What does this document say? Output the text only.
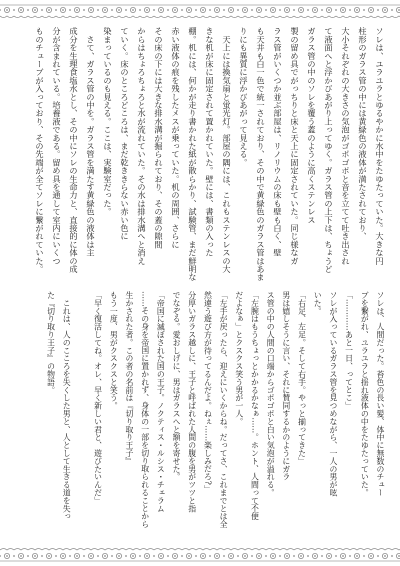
ソレは、ユラユラとゆるやかに水中をたゆたっていた。大きな円
柱形のガラス管の中には黄緑色の液体が満たされており、
大小それぞれの大きさの気泡がゴポゴポと音を立てて吐き出され
て液面へと浮かびあがり上ってゆく。ガラス管の上下は、ちょうど
ガラス管の中のソレを覆う蓋のように高くステンレス
製の留め具でがっちりと床と天上に固定されていた。同じ様なガ
ラス管がいくつか並ぶ部屋は、リノリウムの床も壁も白く、壁
も天井も白一色で統一されており、その中で黄緑色のガラス管はあま
りにも異質に浮かびあがって見える。
　天上には換気扇と蛍光灯。部屋の隅には、これもステンレスの大
きな机が床に固定されて置かれていた。壁には、書類の入った
棚。机には、何かが走り書かれた紙が散らかり、試験管、まだ鮮明な
赤い液体の痕を残したメスが乗っていた。机の周囲、さらに
その床の下には大きな排水溝が掘られており、その蓋の隙間
からはちょろちょろと水が流れていた。その水は排水溝へと消え
ていく。床のところどころは、まだ乾ききらない赤い色に
染まっているのも見える。ここは、実験室だった。
　さて、ガラス管の中を。ガラス管を満たす黄緑色の液体は主
成分を生理食塩水とし、その中にソレの生命力と、直接的に体の成
分が含まれている。培養液である。留め具を通して室内にいくつ
ものチューブが入っており、その先端が全てソレに繋がれていた。
ソレは、人間だった。苔色の長い髪、体中に無数のチュー
ブを繋がれ、ユラユラと揺れ液体の中をたゆたっていた。
「…………あと一日、ってとこ」
ソレが入っているガラス管を見つめながら、一人の男が呟
いた。
「右足、左足。そして右手。やっと揃ってきた」
男は嬉しそうに言い、それに賛同するかのようにガラ
ス管の中の人間の口端からゴポゴポと白い気泡が溢れる。
「左腕はもうちょっとかかるかなぁ……。ホント、人間って不便
だよなぁ」とクスクス笑う男が一人。
「左手が戻ったら、迎えにいくからね。だってさ、これまでとは全
然違う遊び方が待ってるんだよ。ねぇ……楽しみだろ?」
分厚いガラス越しに、王子と呼ばれた人間の腹を男がツツと指
でなぞる。愛おしげに、男はガラスへと額を寄せた。
「帝国に滅ぼされた国の王子。ノクティス・ルシス・チェラム
……その身を帝国に置かれず、身体の一部を切り取られることから
生かされた者。この者の名前は『切り取り王子』
もう一度、男がクスクスと笑う。
「早く復活してね。オレ、早く新しい君と、遊びたいんだ」
　これは、人のこころを失くした男と、人として生きる道を失っ
た『切り取り王子』の物語。
